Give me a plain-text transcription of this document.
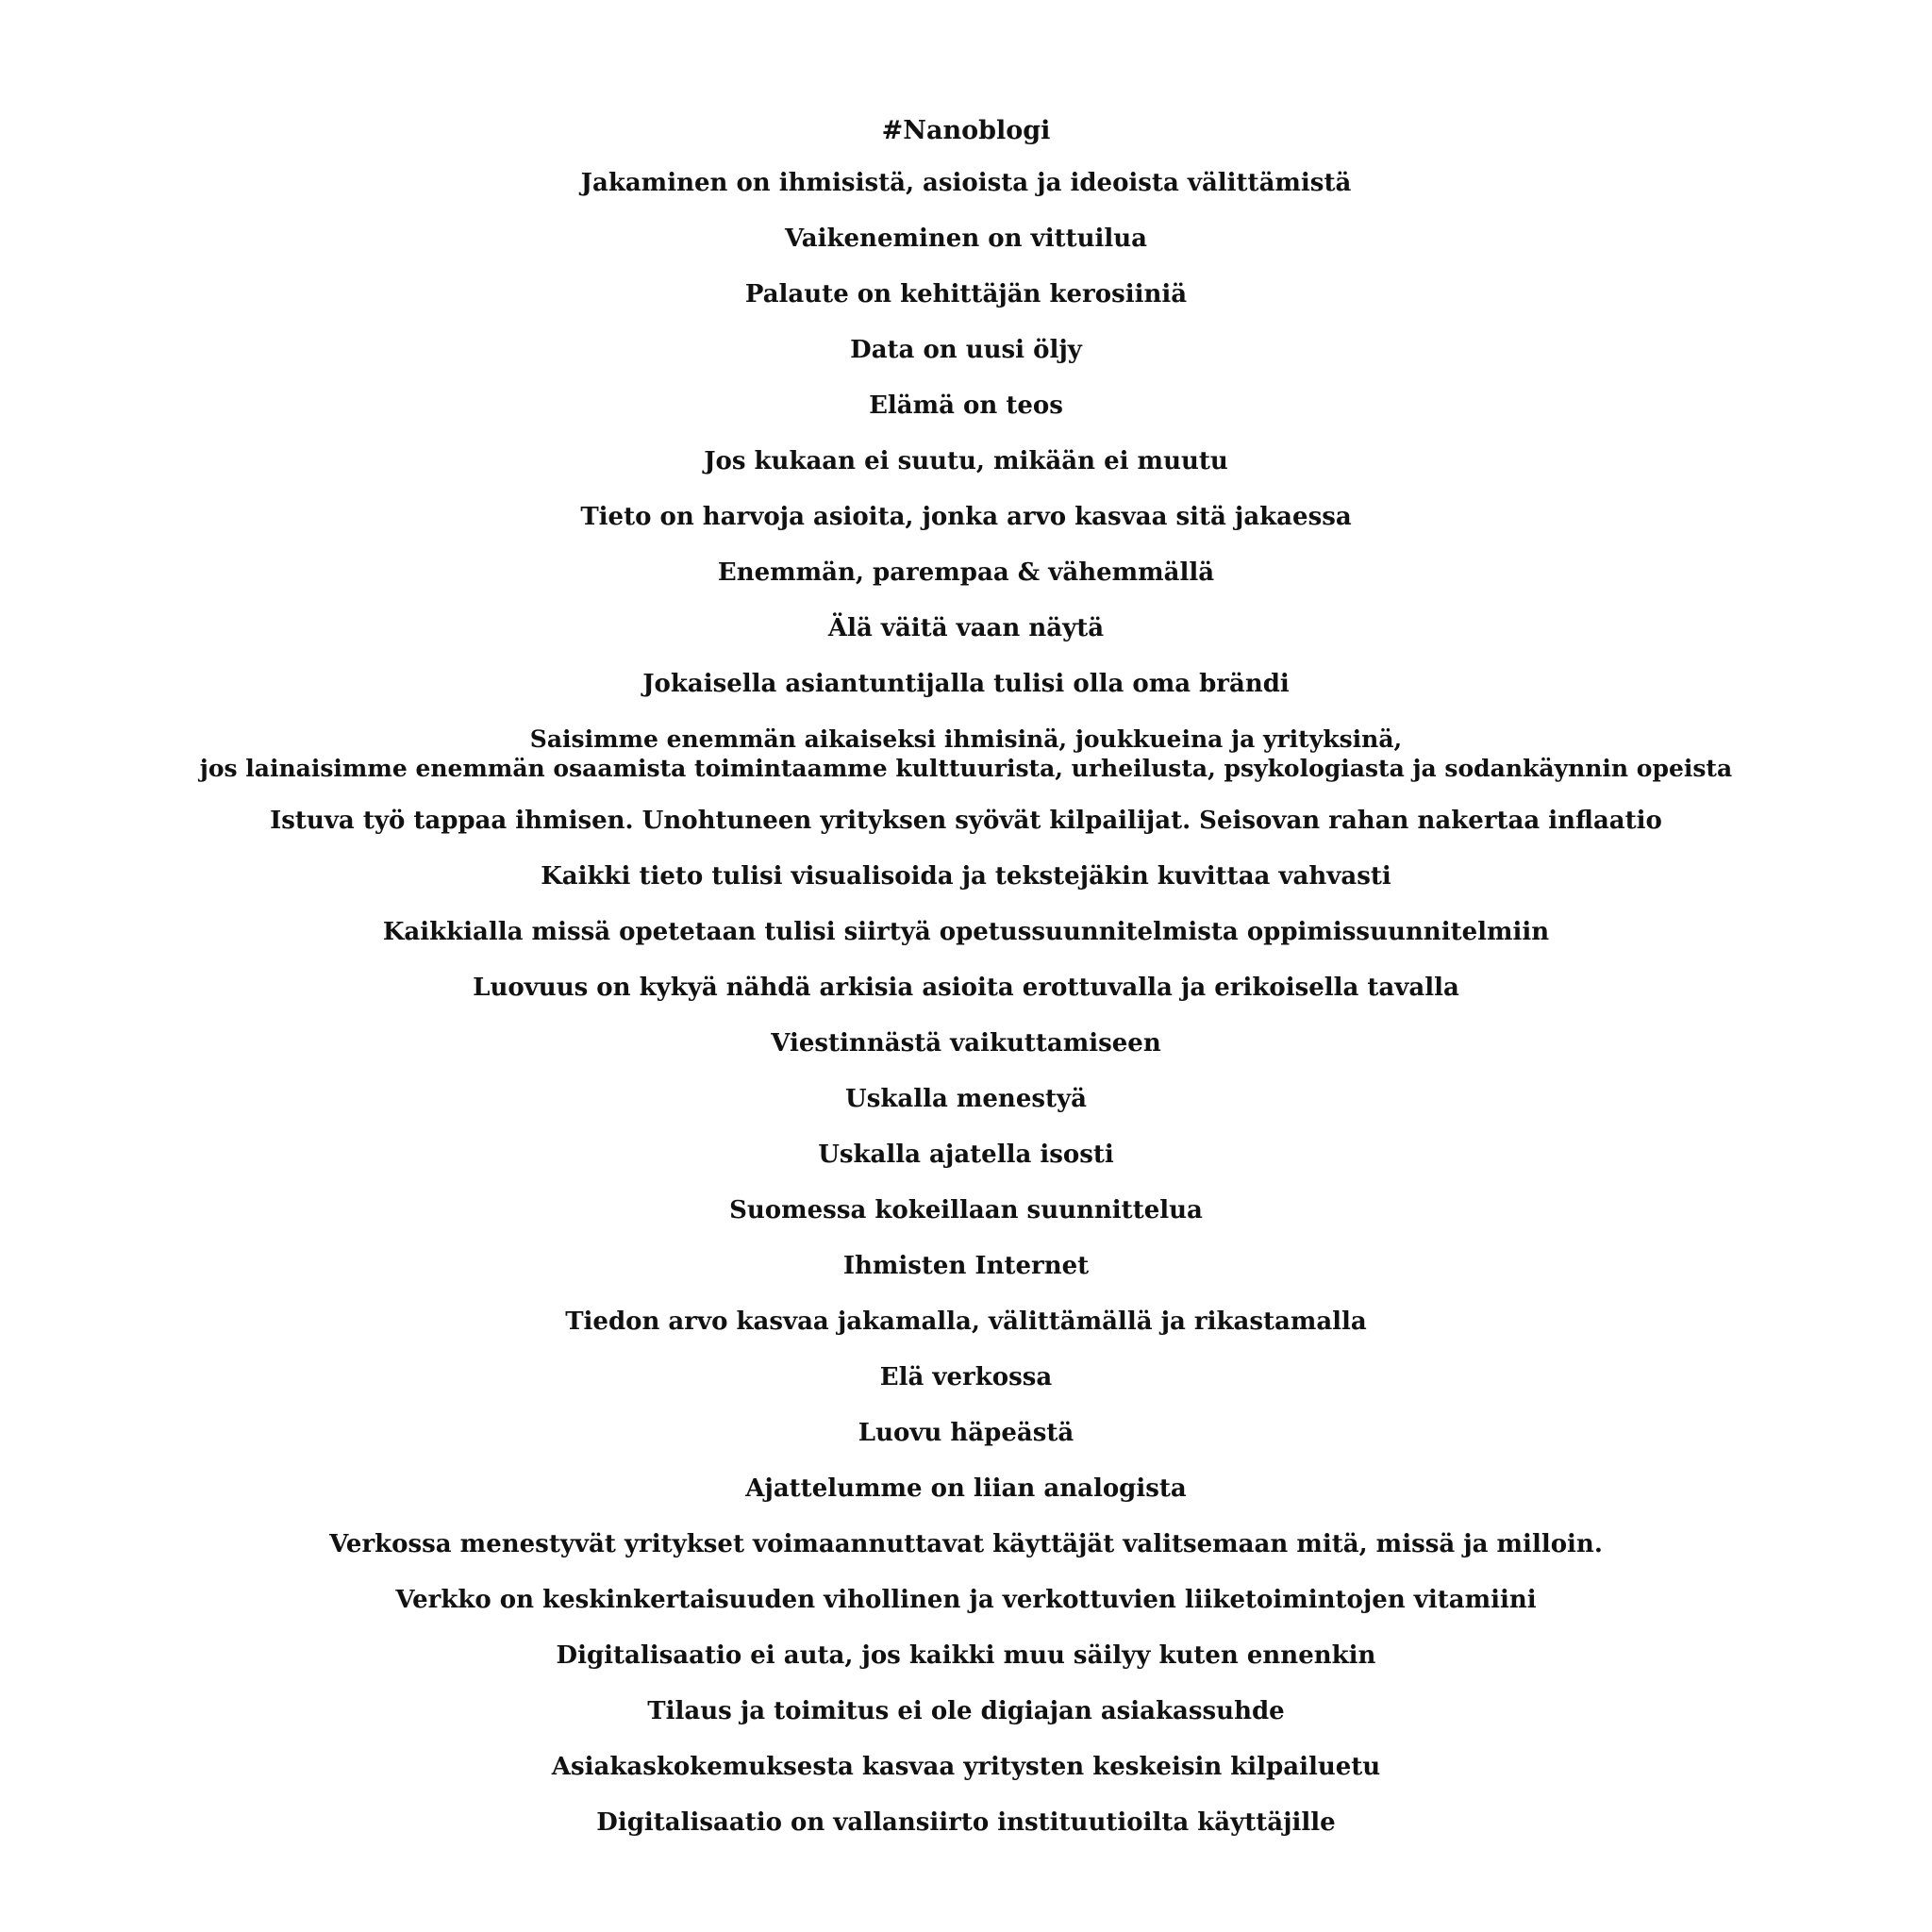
#Nanoblogi
Jakaminen on ihmisistä, asioista ja ideoista välittämistä
Vaikeneminen on vittuilua
Palaute on kehittäjän kerosiiniä
Data on uusi öljy
Elämä on teos
Jos kukaan ei suutu, mikään ei muutu
Tieto on harvoja asioita, jonka arvo kasvaa sitä jakaessa
Enemmän, parempaa & vähemmällä
Älä väitä vaan näytä
Jokaisella asiantuntijalla tulisi olla oma brändi
Saisimme enemmän aikaiseksi ihmisinä, joukkueina ja yrityksinä,
jos lainaisimme enemmän osaamista toimintaamme kulttuurista, urheilusta, psykologiasta ja sodankäynnin opeista
Istuva työ tappaa ihmisen. Unohtuneen yrityksen syövät kilpailijat. Seisovan rahan nakertaa inflaatio
Kaikki tieto tulisi visualisoida ja tekstejäkin kuvittaa vahvasti
Kaikkialla missä opetetaan tulisi siirtyä opetussuunnitelmista oppimissuunnitelmiin
Luovuus on kykyä nähdä arkisia asioita erottuvalla ja erikoisella tavalla
Viestinnästä vaikuttamiseen
Uskalla menestyä
Uskalla ajatella isosti
Suomessa kokeillaan suunnittelua
Ihmisten Internet
Tiedon arvo kasvaa jakamalla, välittämällä ja rikastamalla
Elä verkossa
Luovu häpeästä
Ajattelumme on liian analogista
Verkossa menestyvät yritykset voimaannuttavat käyttäjät valitsemaan mitä, missä ja milloin.
Verkko on keskinkertaisuuden vihollinen ja verkottuvien liiketoimintojen vitamiini
Digitalisaatio ei auta, jos kaikki muu säilyy kuten ennenkin
Tilaus ja toimitus ei ole digiajan asiakassuhde
Asiakaskokemuksesta kasvaa yritysten keskeisin kilpailuetu
Digitalisaatio on vallansiirto instituutioilta käyttäjille
